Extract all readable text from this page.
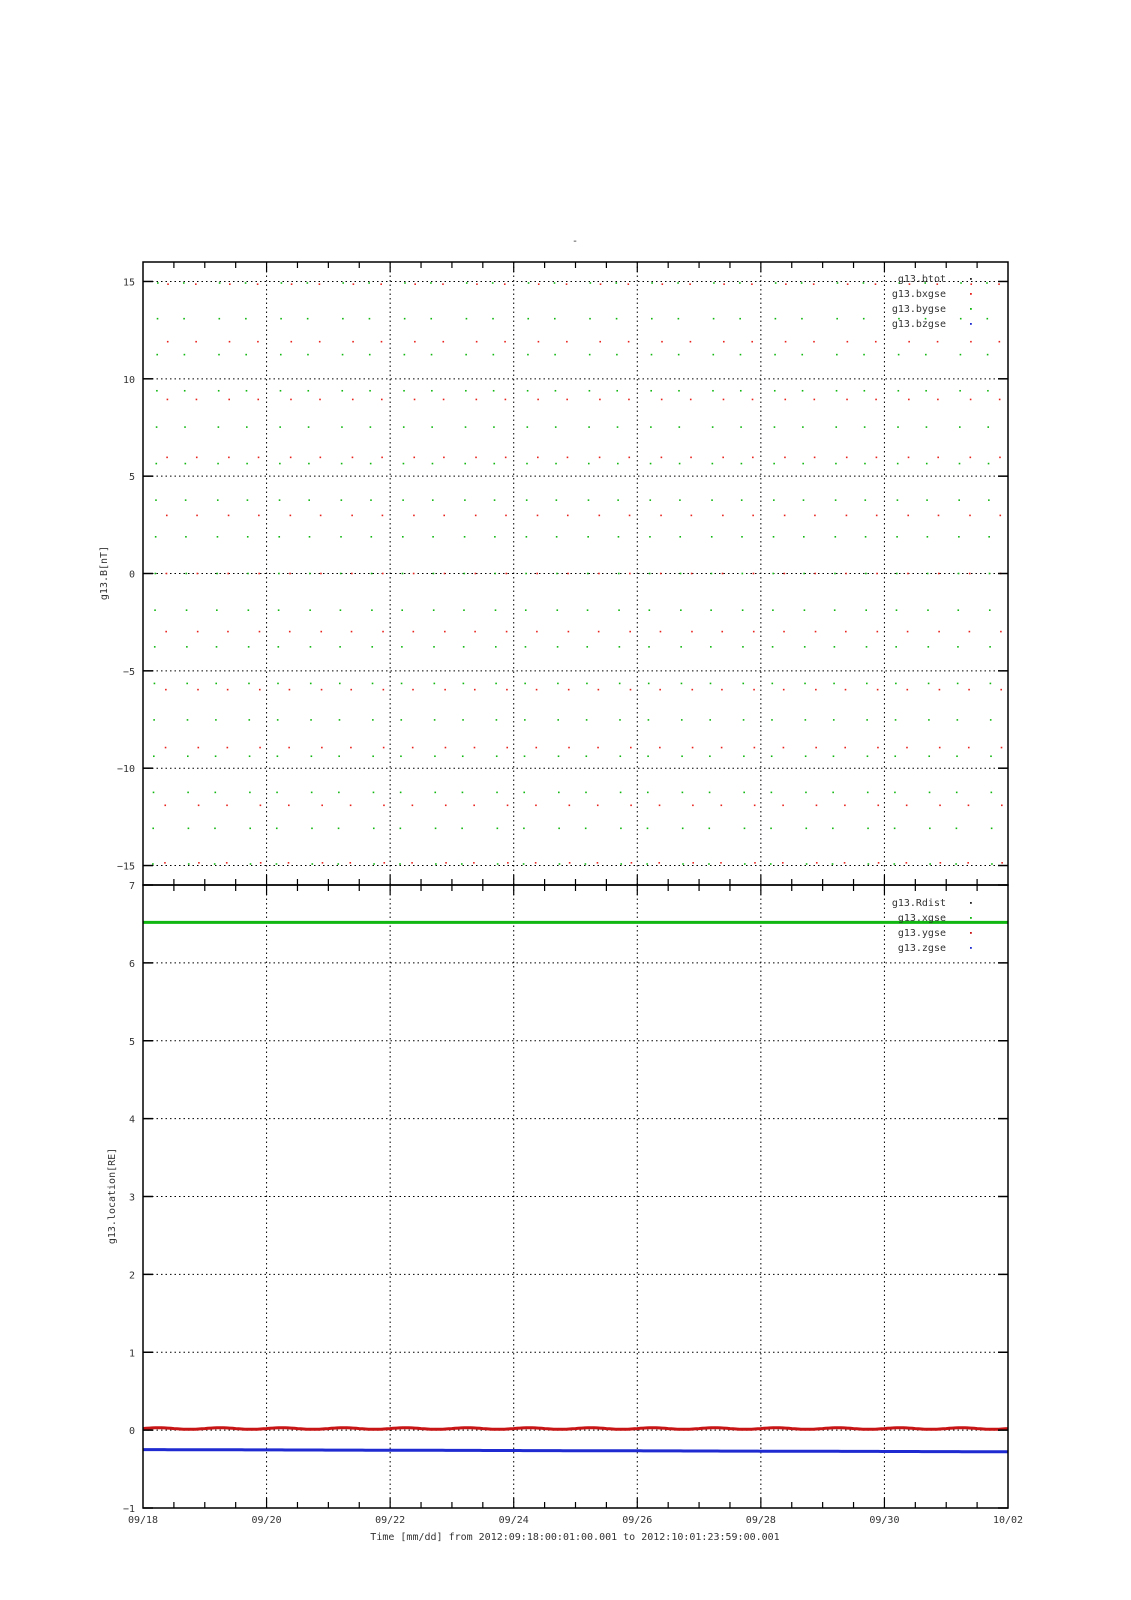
-
15
10
5
0
−5
−10
−15
g13.B[nT]
g13.btot
g13.bxgse
g13.bygse
g13.bzgse
7
6
5
4
3
2
1
0
−1
g13.location[RE]
g13.Rdist
g13.xgse
g13.ygse
g13.zgse
09/18	09/20	09/22	09/24	09/26	09/28	09/30	10/02
Time [mm/dd] from 2012:09:18:00:01:00.001 to 2012:10:01:23:59:00.001
